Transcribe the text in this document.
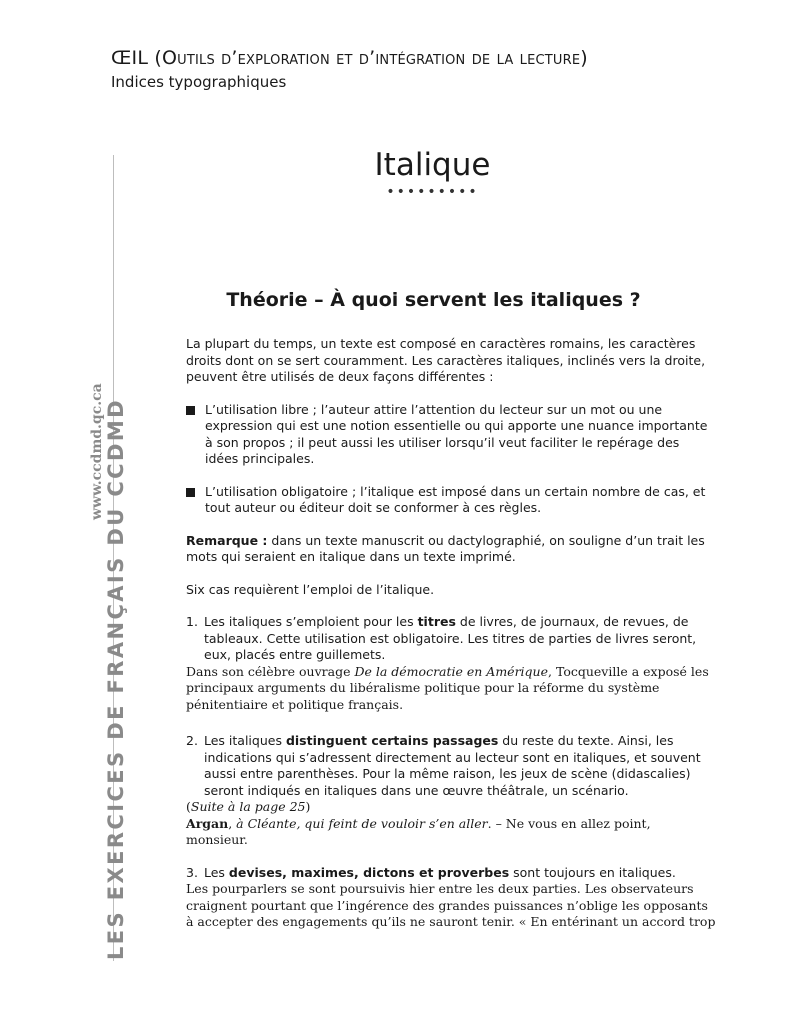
ŒIL (Outils d’exploration et d’intégration de la lecture)
Indices typographiques
www.ccdmd.qc.ca LES EXERCICES DE FRANÇAIS DU CCDMD
Italique
•••••••••
Théorie – À quoi servent les italiques ?

La plupart du temps, un texte est composé en caractères romains, les caractères droits dont on se sert couramment. Les caractères italiques, inclinés vers la droite, peuvent être utilisés de deux façons différentes :

L’utilisation libre ; l’auteur attire l’attention du lecteur sur un mot ou une expression qui est une notion essentielle ou qui apporte une nuance importante à son propos ; il peut aussi les utiliser lorsqu’il veut faciliter le repérage des idées principales.
L’utilisation obligatoire ; l’italique est imposé dans un certain nombre de cas, et tout auteur ou éditeur doit se conformer à ces règles.

Remarque : dans un texte manuscrit ou dactylographié, on souligne d’un trait les mots qui seraient en italique dans un texte imprimé.

Six cas requièrent l’emploi de l’italique.

1. Les italiques s’emploient pour les titres de livres, de journaux, de revues, de tableaux. Cette utilisation est obligatoire. Les titres de parties de livres seront, eux, placés entre guillemets.

Dans son célèbre ouvrage De la démocratie en Amérique, Tocqueville a exposé les principaux arguments du libéralisme politique pour la réforme du système pénitentiaire et politique français.

2. Les italiques distinguent certains passages du reste du texte. Ainsi, les indications qui s’adressent directement au lecteur sont en italiques, et souvent aussi entre parenthèses. Pour la même raison, les jeux de scène (didascalies) seront indiqués en italiques dans une œuvre théâtrale, un scénario.

(Suite à la page 25)

Argan, à Cléante, qui feint de vouloir s’en aller. – Ne vous en allez point, monsieur.

3. Les devises, maximes, dictons et proverbes sont toujours en italiques.

Les pourparlers se sont poursuivis hier entre les deux parties. Les observateurs craignent pourtant que l’ingérence des grandes puissances n’oblige les opposants à accepter des engagements qu’ils ne sauront tenir. « En entérinant un accord trop
